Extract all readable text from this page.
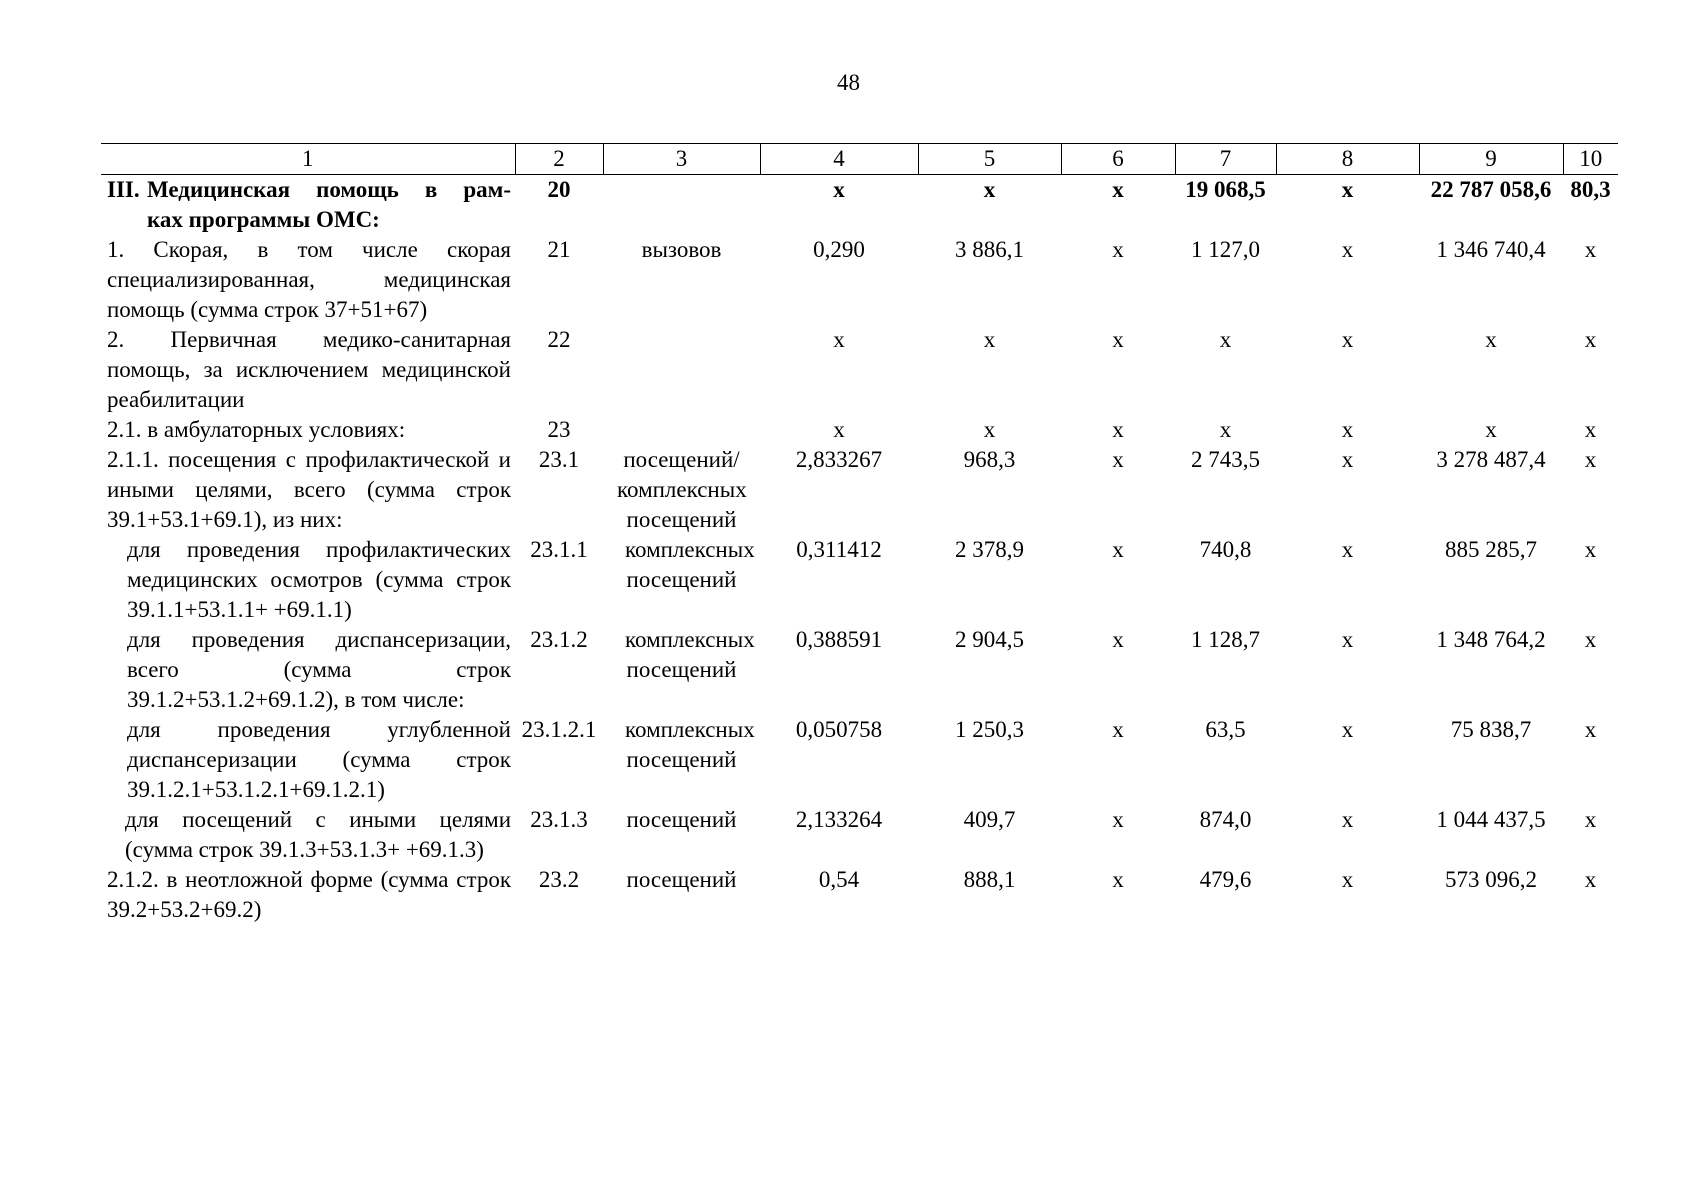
48
1	2	3	4	5	6	7	8	9	10

III. Медицинская помощь в рам-
ках программы ОМС:	20		х	х	х	19 068,5	х	22 787 058,6	80,3
1. Скорая, в том числе скорая специализированная, медицинская помощь (сумма строк 37+51+67)	21	вызовов	0,290	3 886,1	х	1 127,0	х	1 346 740,4	х
2. Первичная медико-санитарная помощь, за исключением медицинской реабилитации	22		х	х	х	х	х	х	х
2.1. в амбулаторных условиях:	23		х	х	х	х	х	х	х
2.1.1. посещения с профилактической и иными целями, всего (сумма строк 39.1+53.1+69.1), из них:	23.1	посещений/ комплексных посещений	2,833267	968,3	х	2 743,5	х	3 278 487,4	х
для проведения профилактических медицинских осмотров (сумма строк 39.1.1+53.1.1+ +69.1.1)	23.1.1	комплексных посещений	0,311412	2 378,9	х	740,8	х	885 285,7	х
для проведения диспансеризации, всего (сумма строк 39.1.2+53.1.2+69.1.2), в том числе:	23.1.2	комплексных посещений	0,388591	2 904,5	х	1 128,7	х	1 348 764,2	х
для проведения углубленной диспансеризации (сумма строк 39.1.2.1+53.1.2.1+69.1.2.1)	23.1.2.1	комплексных посещений	0,050758	1 250,3	х	63,5	х	75 838,7	х
для посещений с иными целями (сумма строк 39.1.3+53.1.3+ +69.1.3)	23.1.3	посещений	2,133264	409,7	х	874,0	х	1 044 437,5	х
2.1.2. в неотложной форме (сумма строк 39.2+53.2+69.2)	23.2	посещений	0,54	888,1	х	479,6	х	573 096,2	х
